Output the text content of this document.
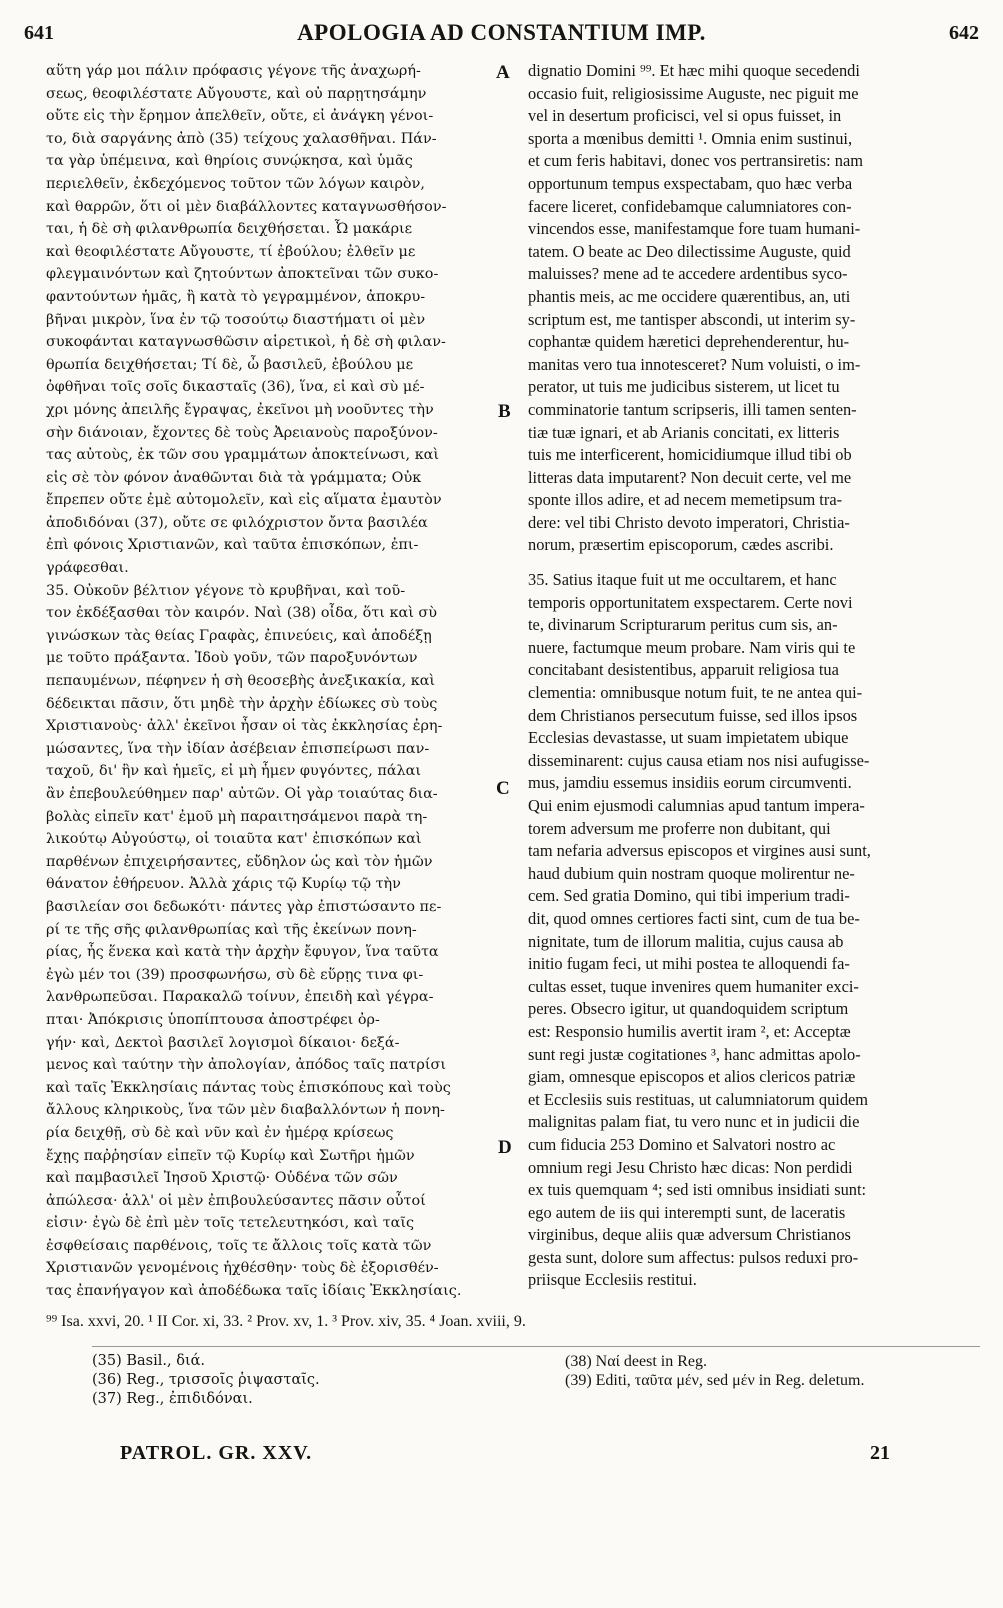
641	APOLOGIA AD CONSTANTIUM IMP.	642
αὕτη γάρ μοι πάλιν πρόφασις γέγονε τῆς ἀναχωρή-
σεως, θεοφιλέστατε Αὔγουστε, καὶ οὐ παρῃτησάμην
οὔτε εἰς τὴν ἔρημον ἀπελθεῖν, οὔτε, εἰ ἀνάγκη γένοι-
το, διὰ σαργάνης ἀπὸ (35) τείχους χαλασθῆναι. Πάν-
τα γὰρ ὑπέμεινα, καὶ θηρίοις συνῴκησα, καὶ ὑμᾶς
περιελθεῖν, ἐκδεχόμενος τοῦτον τῶν λόγων καιρὸν,
καὶ θαρρῶν, ὅτι οἱ μὲν διαβάλλοντες καταγνωσθήσον-
ται, ἡ δὲ σὴ φιλανθρωπία δειχθήσεται. Ὦ μακάριε
καὶ θεοφιλέστατε Αὔγουστε, τί ἐβούλου; ἐλθεῖν με
φλεγμαινόντων καὶ ζητούντων ἀποκτεῖναι τῶν συκο-
φαντούντων ἡμᾶς, ἢ κατὰ τὸ γεγραμμένον, ἀποκρυ-
βῆναι μικρὸν, ἵνα ἐν τῷ τοσούτῳ διαστήματι οἱ μὲν
συκοφάνται καταγνωσθῶσιν αἱρετικοὶ, ἡ δὲ σὴ φιλαν-
θρωπία δειχθήσεται; Τί δὲ, ὦ βασιλεῦ, ἐβούλου με
ὀφθῆναι τοῖς σοῖς δικασταῖς (36), ἵνα, εἰ καὶ σὺ μέ-
χρι μόνης ἀπειλῆς ἔγραψας, ἐκεῖνοι μὴ νοοῦντες τὴν
σὴν διάνοιαν, ἔχοντες δὲ τοὺς Ἀρειανοὺς παροξύνον-
τας αὐτοὺς, ἐκ τῶν σου γραμμάτων ἀποκτείνωσι, καὶ
εἰς σὲ τὸν φόνον ἀναθῶνται διὰ τὰ γράμματα; Οὐκ
ἔπρεπεν οὔτε ἐμὲ αὐτομολεῖν, καὶ εἰς αἵματα ἐμαυτὸν
ἀποδιδόναι (37), οὔτε σε φιλόχριστον ὄντα βασιλέα
ἐπὶ φόνοις Χριστιανῶν, καὶ ταῦτα ἐπισκόπων, ἐπι-
γράφεσθαι.
35. Οὐκοῦν βέλτιον γέγονε τὸ κρυβῆναι, καὶ τοῦ-
τον ἐκδέξασθαι τὸν καιρόν. Ναὶ (38) οἶδα, ὅτι καὶ σὺ
γινώσκων τὰς θείας Γραφὰς, ἐπινεύεις, καὶ ἀποδέξῃ
με τοῦτο πράξαντα. Ἰδοὺ γοῦν, τῶν παροξυνόντων
πεπαυμένων, πέφηνεν ἡ σὴ θεοσεβὴς ἀνεξικακία, καὶ
δέδεικται πᾶσιν, ὅτι μηδὲ τὴν ἀρχὴν ἐδίωκες σὺ τοὺς
Χριστιανοὺς· ἀλλ' ἐκεῖνοι ἦσαν οἱ τὰς ἐκκλησίας ἐρη-
μώσαντες, ἵνα τὴν ἰδίαν ἀσέβειαν ἐπισπείρωσι παν-
ταχοῦ, δι' ἣν καὶ ἡμεῖς, εἰ μὴ ἦμεν φυγόντες, πάλαι
ἂν ἐπεβουλεύθημεν παρ' αὐτῶν. Οἱ γὰρ τοιαύτας δια-
βολὰς εἰπεῖν κατ' ἐμοῦ μὴ παραιτησάμενοι παρὰ τη-
λικούτῳ Αὐγούστῳ, οἱ τοιαῦτα κατ' ἐπισκόπων καὶ
παρθένων ἐπιχειρήσαντες, εὔδηλον ὡς καὶ τὸν ἡμῶν
θάνατον ἐθήρευον. Ἀλλὰ χάρις τῷ Κυρίῳ τῷ τὴν
βασιλείαν σοι δεδωκότι· πάντες γὰρ ἐπιστώσαντο πε-
ρί τε τῆς σῆς φιλανθρωπίας καὶ τῆς ἐκείνων πονη-
ρίας, ἧς ἕνεκα καὶ κατὰ τὴν ἀρχὴν ἔφυγον, ἵνα ταῦτα
ἐγὼ μέν τοι (39) προσφωνήσω, σὺ δὲ εὕρῃς τινα φι-
λανθρωπεῦσαι. Παρακαλῶ τοίνυν, ἐπειδὴ καὶ γέγρα-
πται· Ἀπόκρισις ὑποπίπτουσα ἀποστρέφει ὀρ-
γήν· καὶ, Δεκτοὶ βασιλεῖ λογισμοὶ δίκαιοι· δεξά-
μενος καὶ ταύτην τὴν ἀπολογίαν, ἀπόδος ταῖς πατρίσι
καὶ ταῖς Ἐκκλησίαις πάντας τοὺς ἐπισκόπους καὶ τοὺς
ἄλλους κληρικοὺς, ἵνα τῶν μὲν διαβαλλόντων ἡ πονη-
ρία δειχθῇ, σὺ δὲ καὶ νῦν καὶ ἐν ἡμέρᾳ κρίσεως
ἔχῃς παῤῥησίαν εἰπεῖν τῷ Κυρίῳ καὶ Σωτῆρι ἡμῶν
καὶ παμβασιλεῖ Ἰησοῦ Χριστῷ· Οὐδένα τῶν σῶν
ἀπώλεσα· ἀλλ' οἱ μὲν ἐπιβουλεύσαντες πᾶσιν οὗτοί
εἰσιν· ἐγὼ δὲ ἐπὶ μὲν τοῖς τετελευτηκόσι, καὶ ταῖς
ἐσφθείσαις παρθένοις, τοῖς τε ἄλλοις τοῖς κατὰ τῶν
Χριστιανῶν γενομένοις ἠχθέσθην· τοὺς δὲ ἐξορισθέν-
τας ἐπανήγαγον καὶ ἀποδέδωκα ταῖς ἰδίαις Ἐκκλησίαις.
dignatio Domini ⁹⁹. Et hæc mihi quoque secedendi
occasio fuit, religiosissime Auguste, nec piguit me
vel in desertum proficisci, vel si opus fuisset, in
sporta a mœnibus demitti ¹. Omnia enim sustinui,
et cum feris habitavi, donec vos pertransiretis: nam
opportunum tempus exspectabam, quo hæc verba
facere liceret, confidebamque calumniatores con-
vincendos esse, manifestamque fore tuam humani-
tatem. O beate ac Deo dilectissime Auguste, quid
maluisses? mene ad te accedere ardentibus syco-
phantis meis, ac me occidere quærentibus, an, uti
scriptum est, me tantisper abscondi, ut interim sy-
cophantæ quidem hæretici deprehenderentur, hu-
manitas vero tua innotesceret? Num voluisti, o im-
perator, ut tuis me judicibus sisterem, ut licet tu
comminatorie tantum scripseris, illi tamen senten-
tiæ tuæ ignari, et ab Arianis concitati, ex litteris
tuis me interficerent, homicidiumque illud tibi ob
litteras data imputarent? Non decuit certe, vel me
sponte illos adire, et ad necem memetipsum tra-
dere: vel tibi Christo devoto imperatori, Christia-
norum, præsertim episcoporum, cædes ascribi.
35. Satius itaque fuit ut me occultarem, et hanc
temporis opportunitatem exspectarem. Certe novi
te, divinarum Scripturarum peritus cum sis, an-
nuere, factumque meum probare. Nam viris qui te
concitabant desistentibus, apparuit religiosa tua
clementia: omnibusque notum fuit, te ne antea qui-
dem Christianos persecutum fuisse, sed illos ipsos
Ecclesias devastasse, ut suam impietatem ubique
disseminarent: cujus causa etiam nos nisi aufugisse-
mus, jamdiu essemus insidiis eorum circumventi.
Qui enim ejusmodi calumnias apud tantum impera-
torem adversum me proferre non dubitant, qui
tam nefaria adversus episcopos et virgines ausi sunt,
haud dubium quin nostram quoque molirentur ne-
cem. Sed gratia Domino, qui tibi imperium tradi-
dit, quod omnes certiores facti sint, cum de tua be-
nignitate, tum de illorum malitia, cujus causa ab
initio fugam feci, ut mihi postea te alloquendi fa-
cultas esset, tuque invenires quem humaniter exci-
peres. Obsecro igitur, ut quandoquidem scriptum
est: Responsio humilis avertit iram ², et: Acceptæ
sunt regi justæ cogitationes ³, hanc admittas apolo-
giam, omnesque episcopos et alios clericos patriæ
et Ecclesiis suis restituas, ut calumniatorum quidem
malignitas palam fiat, tu vero nunc et in judicii die
cum fiducia 253 Domino et Salvatori nostro ac
omnium regi Jesu Christo hæc dicas: Non perdidi
ex tuis quemquam ⁴; sed isti omnibus insidiati sunt:
ego autem de iis qui interempti sunt, de laceratis
virginibus, deque aliis quæ adversum Christianos
gesta sunt, dolore sum affectus: pulsos reduxi pro-
priisque Ecclesiis restitui.
A
B
C
D
⁹⁹ Isa. xxvi, 20. ¹ II Cor. xi, 33. ² Prov. xv, 1. ³ Prov. xiv, 35. ⁴ Joan. xviii, 9.
(35) Basil., διά.
(36) Reg., τρισσοῖς ῥιψασταῖς.
(37) Reg., ἐπιδιδόναι.
(38) Ναί deest in Reg.
(39) Editi, ταῦτα μέν, sed μέν in Reg. deletum.
PATROL. GR. XXV.	21
